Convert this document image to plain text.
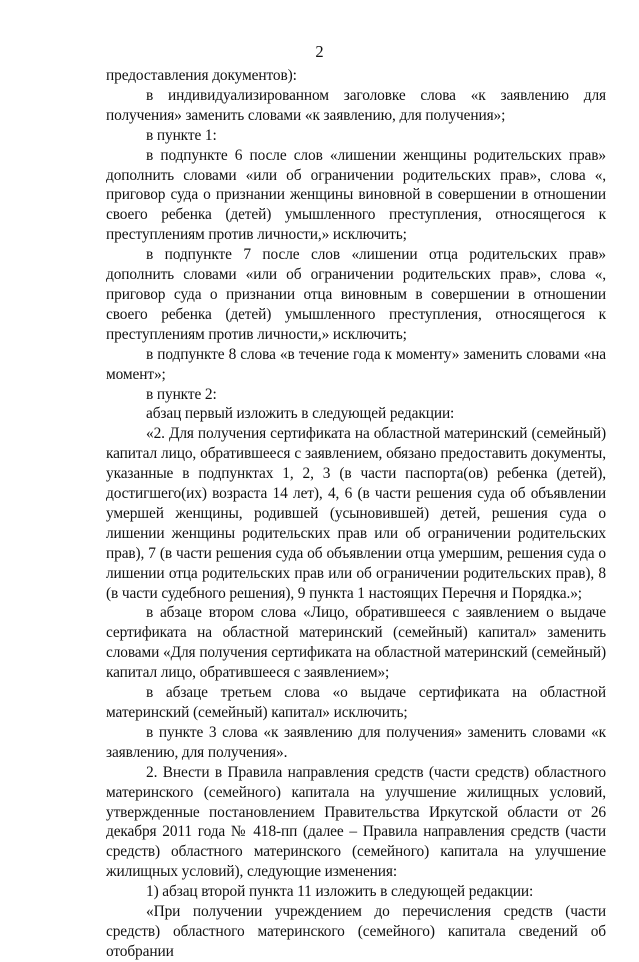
2

предоставления документов):

в индивидуализированном заголовке слова «к заявлению для получения» заменить словами «к заявлению, для получения»;

в пункте 1:

в подпункте 6 после слов «лишении женщины родительских прав» дополнить словами «или об ограничении родительских прав», слова «, приговор суда о признании женщины виновной в совершении в отношении своего ребенка (детей) умышленного преступления, относящегося к преступлениям против личности,» исключить;

в подпункте 7 после слов «лишении отца родительских прав» дополнить словами «или об ограничении родительских прав», слова «, приговор суда о признании отца виновным в совершении в отношении своего ребенка (детей) умышленного преступления, относящегося к преступлениям против личности,» исключить;

в подпункте 8 слова «в течение года к моменту» заменить словами «на момент»;

в пункте 2:

абзац первый изложить в следующей редакции:

«2. Для получения сертификата на областной материнский (семейный) капитал лицо, обратившееся с заявлением, обязано предоставить документы, указанные в подпунктах 1, 2, 3 (в части паспорта(ов) ребенка (детей), достигшего(их) возраста 14 лет), 4, 6 (в части решения суда об объявлении умершей женщины, родившей (усыновившей) детей, решения суда о лишении женщины родительских прав или об ограничении родительских прав), 7 (в части решения суда об объявлении отца умершим, решения суда о лишении отца родительских прав или об ограничении родительских прав), 8 (в части судебного решения), 9 пункта 1 настоящих Перечня и Порядка.»;

в абзаце втором слова «Лицо, обратившееся с заявлением о выдаче сертификата на областной материнский (семейный) капитал» заменить словами «Для получения сертификата на областной материнский (семейный) капитал лицо, обратившееся с заявлением»;

в абзаце третьем слова «о выдаче сертификата на областной материнский (семейный) капитал» исключить;

в пункте 3 слова «к заявлению для получения» заменить словами «к заявлению, для получения».

2. Внести в Правила направления средств (части средств) областного материнского (семейного) капитала на улучшение жилищных условий, утвержденные постановлением Правительства Иркутской области от 26 декабря 2011 года № 418-пп (далее – Правила направления средств (части средств) областного материнского (семейного) капитала на улучшение жилищных условий), следующие изменения:

1) абзац второй пункта 11 изложить в следующей редакции:

«При получении учреждением до перечисления средств (части средств) областного материнского (семейного) капитала сведений об отобрании
